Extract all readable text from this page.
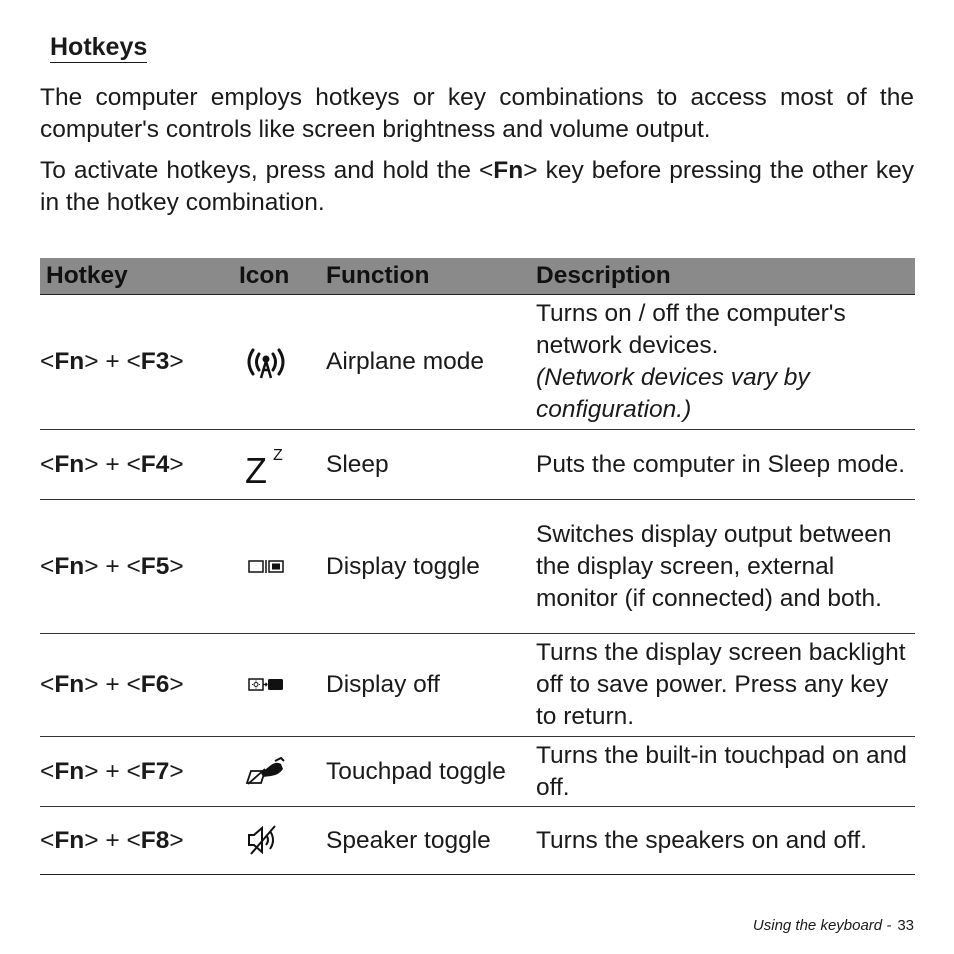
Hotkeys

The computer employs hotkeys or key combinations to access most of the computer's controls like screen brightness and volume output.

To activate hotkeys, press and hold the <Fn> key before pressing the other key in the hotkey combination.

Hotkey	Icon	Function	Description
<Fn> + <F3>		Airplane mode	Turns on / off the computer's network devices.
(Network devices vary by configuration.)

<Fn> + <F4>	Z Z	Sleep	Puts the computer in Sleep mode.
<Fn> + <F5>		Display toggle	Switches display output between the display screen, external monitor (if connected) and both.
<Fn> + <F6>		Display off	Turns the display screen backlight off to save power. Press any key to return.
<Fn> + <F7>		Touchpad toggle	Turns the built-in touchpad on and off.
<Fn> + <F8>		Speaker toggle	Turns the speakers on and off.
Using the keyboard - 33
